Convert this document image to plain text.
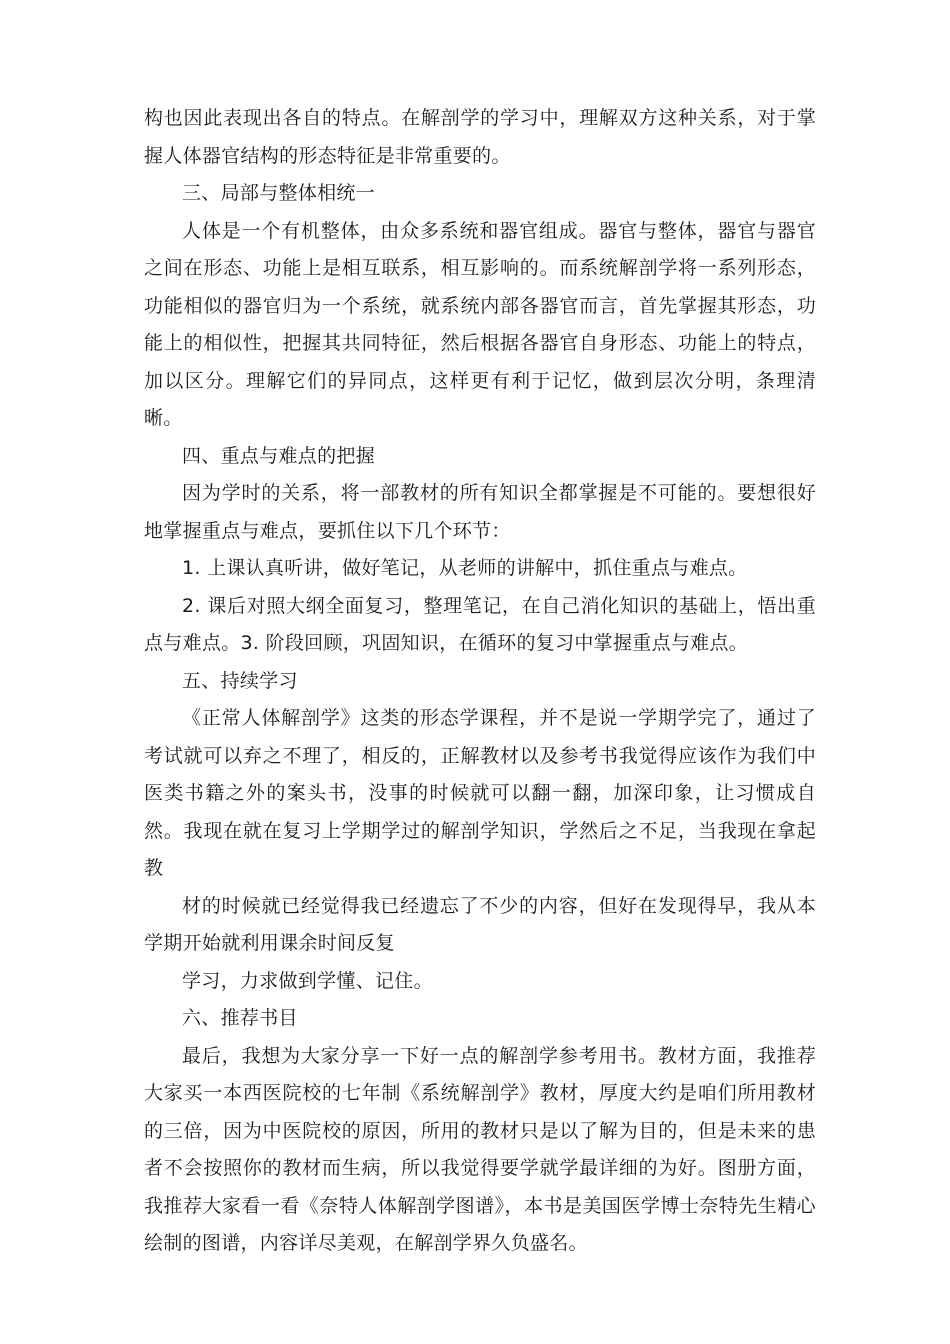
构也因此表现出各自的特点。在解剖学的学习中，理解双方这种关系，对于掌握人体器官结构的形态特征是非常重要的。

三、局部与整体相统一

人体是一个有机整体，由众多系统和器官组成。器官与整体，器官与器官之间在形态、功能上是相互联系，相互影响的。而系统解剖学将一系列形态，功能相似的器官归为一个系统，就系统内部各器官而言，首先掌握其形态，功能上的相似性，把握其共同特征，然后根据各器官自身形态、功能上的特点，加以区分。理解它们的异同点，这样更有利于记忆，做到层次分明，条理清晰。

四、重点与难点的把握

因为学时的关系，将一部教材的所有知识全都掌握是不可能的。要想很好地掌握重点与难点，要抓住以下几个环节：

1. 上课认真听讲，做好笔记，从老师的讲解中，抓住重点与难点。

2. 课后对照大纲全面复习，整理笔记，在自己消化知识的基础上，悟出重点与难点。3. 阶段回顾，巩固知识，在循环的复习中掌握重点与难点。

五、持续学习

《正常人体解剖学》这类的形态学课程，并不是说一学期学完了，通过了考试就可以弃之不理了，相反的，正解教材以及参考书我觉得应该作为我们中医类书籍之外的案头书，没事的时候就可以翻一翻，加深印象，让习惯成自然。我现在就在复习上学期学过的解剖学知识，学然后之不足，当我现在拿起教

材的时候就已经觉得我已经遗忘了不少的内容，但好在发现得早，我从本学期开始就利用课余时间反复

学习，力求做到学懂、记住。

六、推荐书目

最后，我想为大家分享一下好一点的解剖学参考用书。教材方面，我推荐大家买一本西医院校的七年制《系统解剖学》教材，厚度大约是咱们所用教材的三倍，因为中医院校的原因，所用的教材只是以了解为目的，但是未来的患者不会按照你的教材而生病，所以我觉得要学就学最详细的为好。图册方面，我推荐大家看一看《奈特人体解剖学图谱》，本书是美国医学博士奈特先生精心绘制的图谱，内容详尽美观，在解剖学界久负盛名。
